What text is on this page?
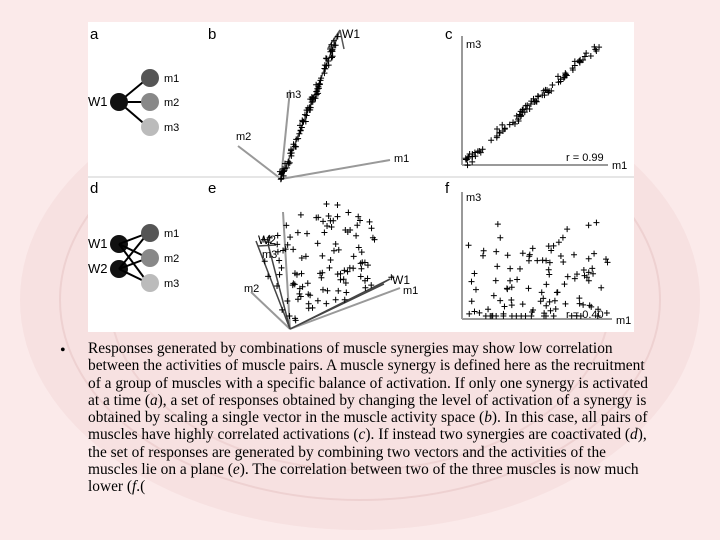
a	b	c
d	e	f
W1
m1
m2
m3
W1
W2
m1
m2
m3
W1
m3
m2
m1
m3
m1
r = 0.99
W2
W1
m3
m2	m1
m3
m1
r = 0.40
• Responses generated by combinations of muscle synergies may show low correlation between the activities of muscle pairs. A muscle synergy is defined here as the recruitment of a group of muscles with a specific balance of activation. If only one synergy is activated at a time (a), a set of responses obtained by changing the level of activation of a synergy is obtained by scaling a single vector in the muscle activity space (b). In this case, all pairs of muscles have highly correlated activations (c). If instead two synergies are coactivated (d), the set of responses are generated by combining two vectors and the activities of the muscles lie on a plane (e). The correlation between two of the three muscles is now much lower (f.(
